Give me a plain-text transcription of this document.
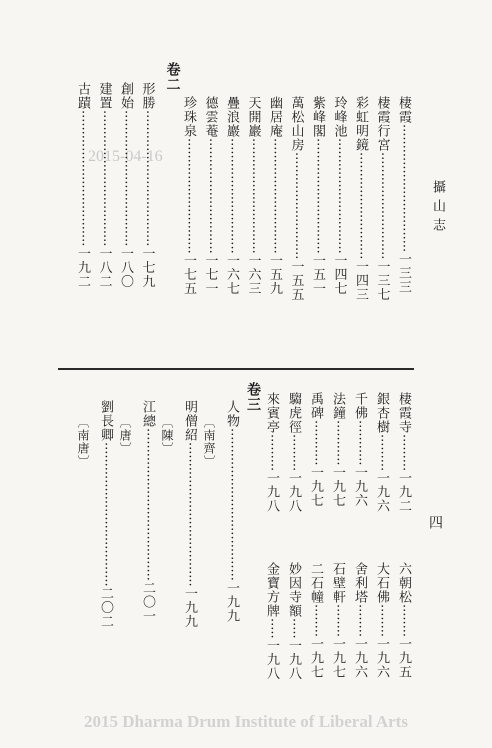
攝山志
四
2015-04-16
棲霞·······························一三三
棲霞行宮··························一三七
彩虹明鏡··························一四三
玲峰池····························一四七
紫峰閣····························一五一
萬松山房··························一五五
幽居庵····························一五九
天開巖····························一六三
疊浪巖····························一六七
德雲菴····························一七一
珍珠泉····························一七五
卷二
形勝·································一七九
創始·································一八〇
建置·································一八二
古蹟·································一九二
棲霞寺·········一九二
六朝松········一九五
銀杏樹·········一九六
大石佛········一九六
千佛···········一九六
舍利塔········一九六
法鐘···········一九七
石壁軒········一九七
禹碑···········一九七
二石幢········一九七
騶虎徑·········一九八
妙因寺額·····一九八
來賓亭·········一九八
金寶方牌·····一九八
卷三
人物·····································一九九
〔南齊〕
明僧紹···································一九九
〔陳〕
江總·····································二〇一
〔唐〕
劉長卿···································二〇二
〔南唐〕
2015 Dharma Drum Institute of Liberal Arts
